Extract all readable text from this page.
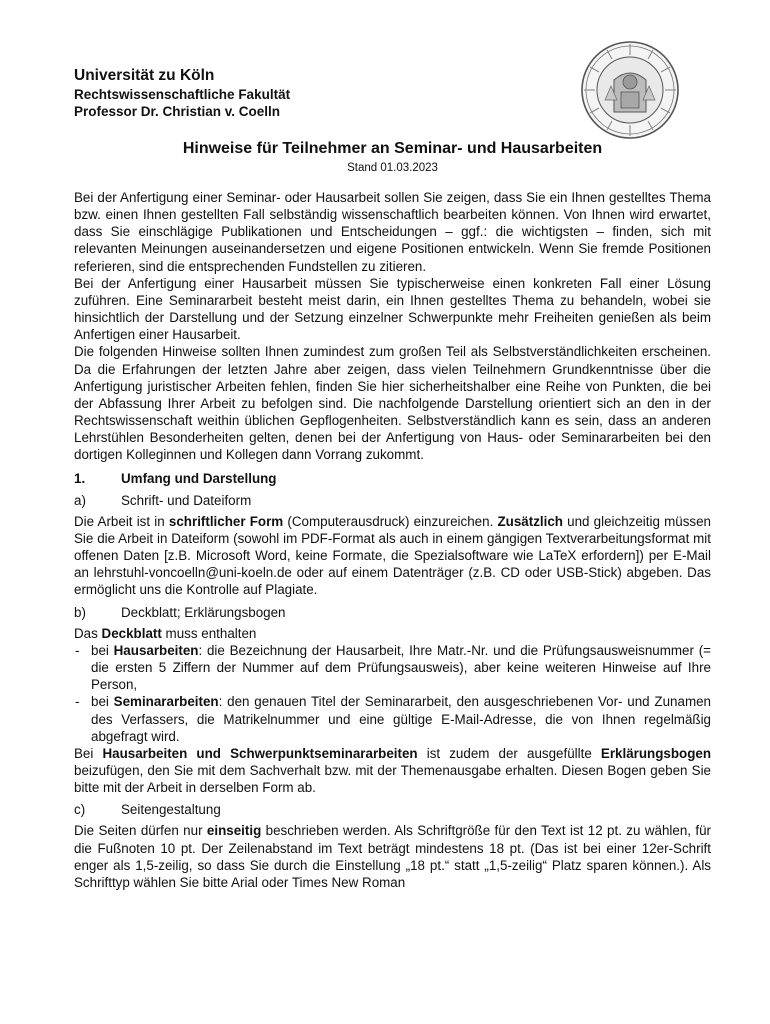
Universität zu Köln
Rechtswissenschaftliche Fakultät
Professor Dr. Christian v. Coelln
Hinweise für Teilnehmer an Seminar- und Hausarbeiten
Stand 01.03.2023

Bei der Anfertigung einer Seminar- oder Hausarbeit sollen Sie zeigen, dass Sie ein Ihnen gestelltes Thema bzw. einen Ihnen gestellten Fall selbständig wissenschaftlich bearbeiten können. Von Ihnen wird erwartet, dass Sie einschlägige Publikationen und Entscheidungen – ggf.: die wichtigsten – finden, sich mit relevanten Meinungen auseinandersetzen und eigene Positionen entwickeln. Wenn Sie fremde Positionen referieren, sind die entsprechenden Fundstellen zu zitieren.

Bei der Anfertigung einer Hausarbeit müssen Sie typischerweise einen konkreten Fall einer Lösung zuführen. Eine Seminararbeit besteht meist darin, ein Ihnen gestelltes Thema zu behandeln, wobei sie hinsichtlich der Darstellung und der Setzung einzelner Schwerpunkte mehr Freiheiten genießen als beim Anfertigen einer Hausarbeit.

Die folgenden Hinweise sollten Ihnen zumindest zum großen Teil als Selbstverständlichkeiten erscheinen. Da die Erfahrungen der letzten Jahre aber zeigen, dass vielen Teilnehmern Grundkenntnisse über die Anfertigung juristischer Arbeiten fehlen, finden Sie hier sicherheitshalber eine Reihe von Punkten, die bei der Abfassung Ihrer Arbeit zu befolgen sind. Die nachfolgende Darstellung orientiert sich an den in der Rechtswissenschaft weithin üblichen Gepflogenheiten. Selbstverständlich kann es sein, dass an anderen Lehrstühlen Besonderheiten gelten, denen bei der Anfertigung von Haus- oder Seminararbeiten bei den dortigen Kolleginnen und Kollegen dann Vorrang zukommt.

1.	Umfang und Darstellung

a)	Schrift- und Dateiform

Die Arbeit ist in schriftlicher Form (Computerausdruck) einzureichen. Zusätzlich und gleichzeitig müssen Sie die Arbeit in Dateiform (sowohl im PDF-Format als auch in einem gängigen Textverarbeitungsformat mit offenen Daten [z.B. Microsoft Word, keine Formate, die Spezialsoftware wie LaTeX erfordern]) per E-Mail an lehrstuhl-voncoelln@uni-koeln.de oder auf einem Datenträger (z.B. CD oder USB-Stick) abgeben. Das ermöglicht uns die Kontrolle auf Plagiate.

b)	Deckblatt; Erklärungsbogen

Das Deckblatt muss enthalten

- bei Hausarbeiten: die Bezeichnung der Hausarbeit, Ihre Matr.-Nr. und die Prüfungsausweisnummer (= die ersten 5 Ziffern der Nummer auf dem Prüfungsausweis), aber keine weiteren Hinweise auf Ihre Person,
- bei Seminararbeiten: den genauen Titel der Seminararbeit, den ausgeschriebenen Vor- und Zunamen des Verfassers, die Matrikelnummer und eine gültige E-Mail-Adresse, die von Ihnen regelmäßig abgefragt wird.

Bei Hausarbeiten und Schwerpunktseminararbeiten ist zudem der ausgefüllte Erklärungsbogen beizufügen, den Sie mit dem Sachverhalt bzw. mit der Themenausgabe erhalten. Diesen Bogen geben Sie bitte mit der Arbeit in derselben Form ab.

c)	Seitengestaltung

Die Seiten dürfen nur einseitig beschrieben werden. Als Schriftgröße für den Text ist 12 pt. zu wählen, für die Fußnoten 10 pt. Der Zeilenabstand im Text beträgt mindestens 18 pt. (Das ist bei einer 12er-Schrift enger als 1,5-zeilig, so dass Sie durch die Einstellung „18 pt.“ statt „1,5-zeilig“ Platz sparen können.). Als Schrifttyp wählen Sie bitte Arial oder Times New Roman
